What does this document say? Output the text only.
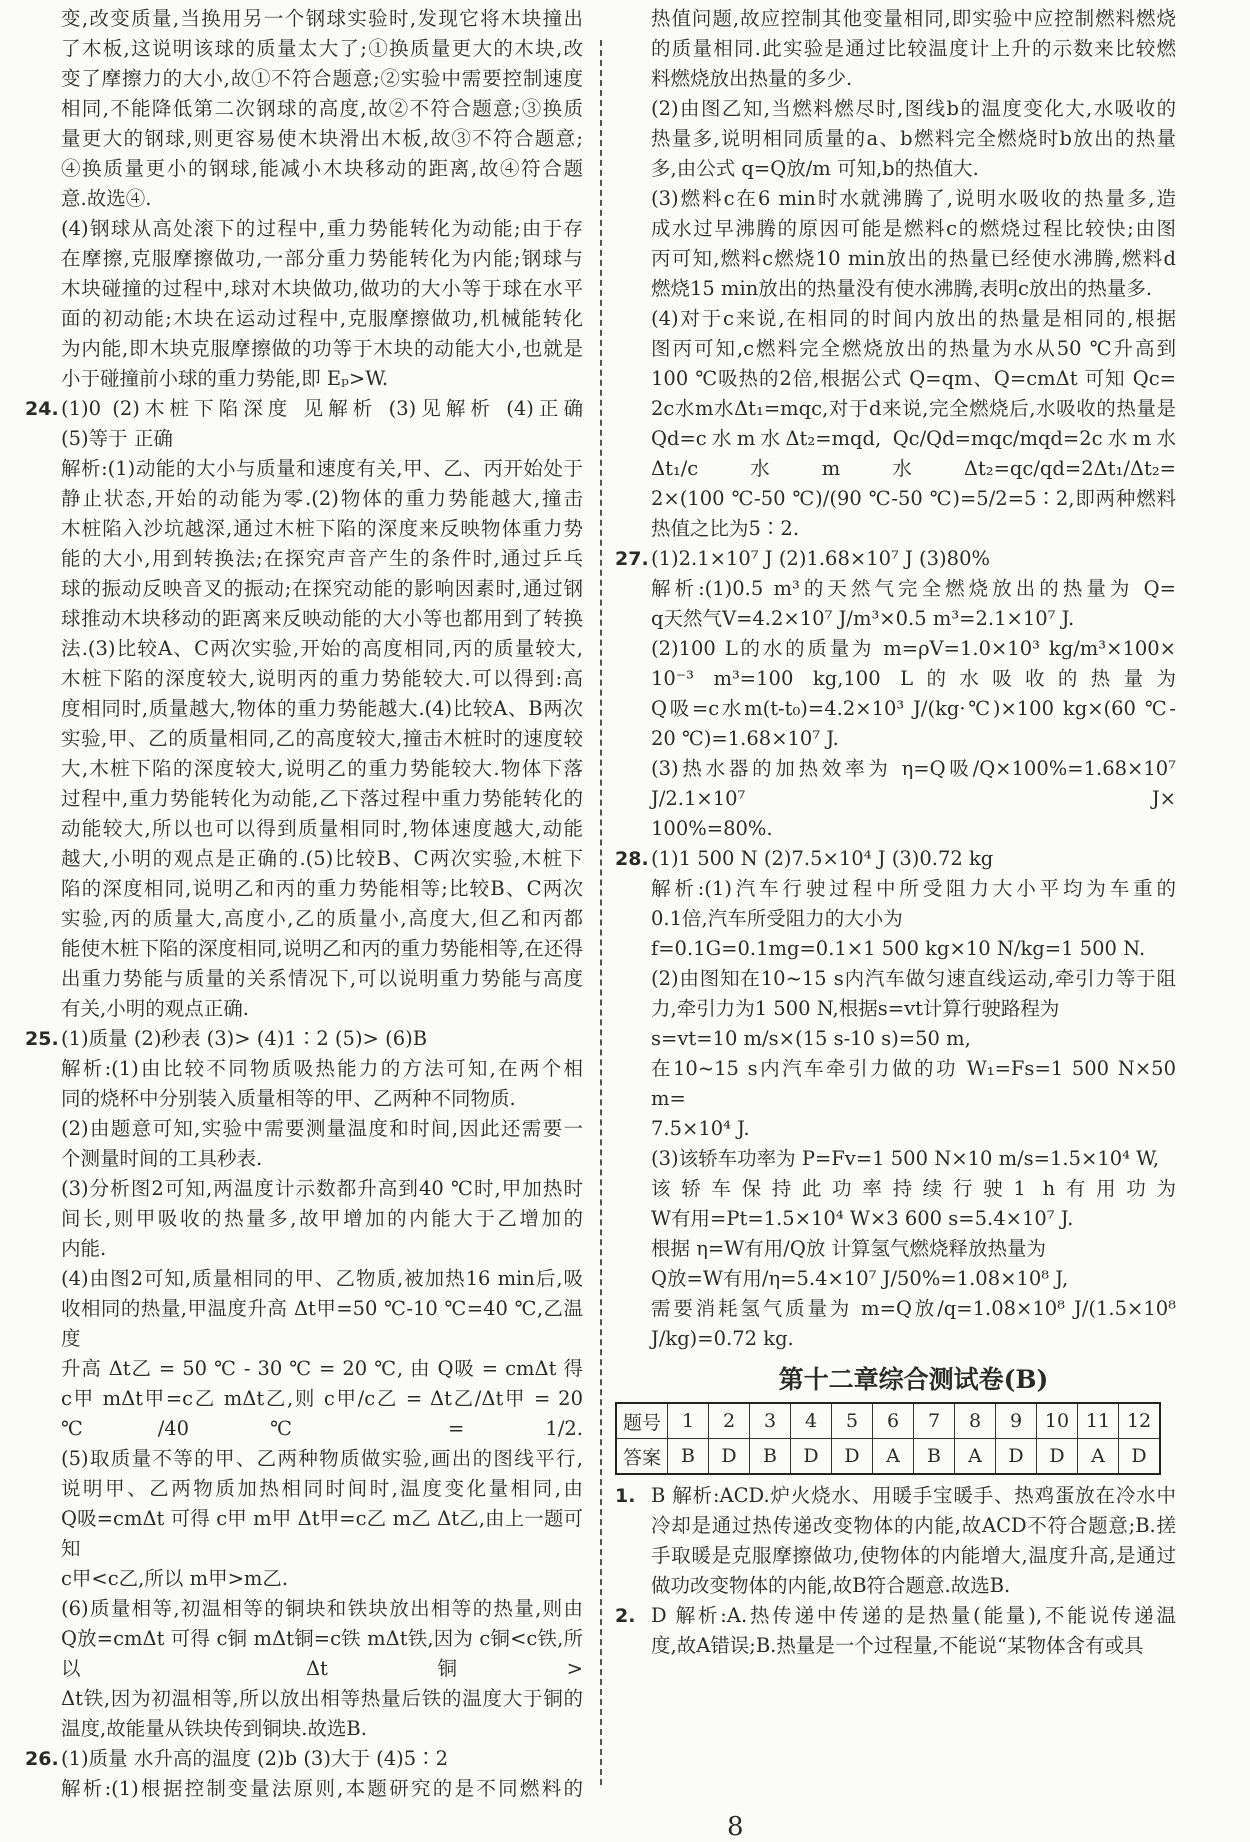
变,改变质量,当换用另一个钢球实验时,发现它将木块撞出
了木板,这说明该球的质量太大了;①换质量更大的木块,改
变了摩擦力的大小,故①不符合题意;②实验中需要控制速度
相同,不能降低第二次钢球的高度,故②不符合题意;③换质
量更大的钢球,则更容易使木块滑出木板,故③不符合题意;
④换质量更小的钢球,能减小木块移动的距离,故④符合题
意.故选④.
(4)钢球从高处滚下的过程中,重力势能转化为动能;由于存
在摩擦,克服摩擦做功,一部分重力势能转化为内能;钢球与
木块碰撞的过程中,球对木块做功,做功的大小等于球在水平
面的初动能;木块在运动过程中,克服摩擦做功,机械能转化
为内能,即木块克服摩擦做的功等于木块的动能大小,也就是
小于碰撞前小球的重力势能,即 Eₚ>W.
24. (1)0 (2)木桩下陷深度 见解析 (3)见解析 (4)正确
(5)等于 正确
解析:(1)动能的大小与质量和速度有关,甲、乙、丙开始处于
静止状态,开始的动能为零.(2)物体的重力势能越大,撞击
木桩陷入沙坑越深,通过木桩下陷的深度来反映物体重力势
能的大小,用到转换法;在探究声音产生的条件时,通过乒乓
球的振动反映音叉的振动;在探究动能的影响因素时,通过钢
球推动木块移动的距离来反映动能的大小等也都用到了转换
法.(3)比较A、C两次实验,开始的高度相同,丙的质量较大,
木桩下陷的深度较大,说明丙的重力势能较大.可以得到:高
度相同时,质量越大,物体的重力势能越大.(4)比较A、B两次
实验,甲、乙的质量相同,乙的高度较大,撞击木桩时的速度较
大,木桩下陷的深度较大,说明乙的重力势能较大.物体下落
过程中,重力势能转化为动能,乙下落过程中重力势能转化的
动能较大,所以也可以得到质量相同时,物体速度越大,动能
越大,小明的观点是正确的.(5)比较B、C两次实验,木桩下
陷的深度相同,说明乙和丙的重力势能相等;比较B、C两次
实验,丙的质量大,高度小,乙的质量小,高度大,但乙和丙都
能使木桩下陷的深度相同,说明乙和丙的重力势能相等,在还得
出重力势能与质量的关系情况下,可以说明重力势能与高度
有关,小明的观点正确.
25. (1)质量 (2)秒表 (3)> (4)1∶2 (5)> (6)B
解析:(1)由比较不同物质吸热能力的方法可知,在两个相
同的烧杯中分别装入质量相等的甲、乙两种不同物质.
(2)由题意可知,实验中需要测量温度和时间,因此还需要一
个测量时间的工具秒表.
(3)分析图2可知,两温度计示数都升高到40 ℃时,甲加热时
间长,则甲吸收的热量多,故甲增加的内能大于乙增加的
内能.
(4)由图2可知,质量相同的甲、乙物质,被加热16 min后,吸
收相同的热量,甲温度升高 Δt甲=50 ℃-10 ℃=40 ℃,乙温度
升高 Δt乙 = 50 ℃ - 30 ℃ = 20 ℃, 由 Q吸 = cmΔt 得
c甲 mΔt甲=c乙 mΔt乙,则 c甲/c乙 = Δt乙/Δt甲 = 20 ℃/40 ℃ = 1/2.
(5)取质量不等的甲、乙两种物质做实验,画出的图线平行,
说明甲、乙两物质加热相同时间时,温度变化量相同,由
Q吸=cmΔt 可得 c甲 m甲 Δt甲=c乙 m乙 Δt乙,由上一题可知
c甲<c乙,所以 m甲>m乙.
(6)质量相等,初温相等的铜块和铁块放出相等的热量,则由
Q放=cmΔt 可得 c铜 mΔt铜=c铁 mΔt铁,因为 c铜<c铁,所以 Δt铜>
Δt铁,因为初温相等,所以放出相等热量后铁的温度大于铜的
温度,故能量从铁块传到铜块.故选B.
26. (1)质量 水升高的温度 (2)b (3)大于 (4)5∶2
解析:(1)根据控制变量法原则,本题研究的是不同燃料的
热值问题,故应控制其他变量相同,即实验中应控制燃料燃烧
的质量相同.此实验是通过比较温度计上升的示数来比较燃
料燃烧放出热量的多少.
(2)由图乙知,当燃料燃尽时,图线b的温度变化大,水吸收的
热量多,说明相同质量的a、b燃料完全燃烧时b放出的热量
多,由公式 q=Q放/m 可知,b的热值大.
(3)燃料c在6 min时水就沸腾了,说明水吸收的热量多,造
成水过早沸腾的原因可能是燃料c的燃烧过程比较快;由图
丙可知,燃料c燃烧10 min放出的热量已经使水沸腾,燃料d
燃烧15 min放出的热量没有使水沸腾,表明c放出的热量多.
(4)对于c来说,在相同的时间内放出的热量是相同的,根据
图丙可知,c燃料完全燃烧放出的热量为水从50 ℃升高到
100 ℃吸热的2倍,根据公式 Q=qm、Q=cmΔt 可知 Qc=
2c水m水Δt₁=mqc,对于d来说,完全燃烧后,水吸收的热量是
Qd=c水m水Δt₂=mqd, Qc/Qd=mqc/mqd=2c水m水Δt₁/c水m水Δt₂=qc/qd=2Δt₁/Δt₂=
2×(100 ℃-50 ℃)/(90 ℃-50 ℃)=5/2=5∶2,即两种燃料热值之比为5∶2.
27. (1)2.1×10⁷ J (2)1.68×10⁷ J (3)80%
解析:(1)0.5 m³的天然气完全燃烧放出的热量为 Q=
q天然气V=4.2×10⁷ J/m³×0.5 m³=2.1×10⁷ J.
(2)100 L的水的质量为 m=ρV=1.0×10³ kg/m³×100×
10⁻³ m³=100 kg,100 L的水吸收的热量为
Q吸=c水m(t-t₀)=4.2×10³ J/(kg·℃)×100 kg×(60 ℃-
20 ℃)=1.68×10⁷ J.
(3)热水器的加热效率为 η=Q吸/Q×100%=1.68×10⁷ J/2.1×10⁷ J×
100%=80%.
28. (1)1 500 N (2)7.5×10⁴ J (3)0.72 kg
解析:(1)汽车行驶过程中所受阻力大小平均为车重的
0.1倍,汽车所受阻力的大小为
f=0.1G=0.1mg=0.1×1 500 kg×10 N/kg=1 500 N.
(2)由图知在10~15 s内汽车做匀速直线运动,牵引力等于阻
力,牵引力为1 500 N,根据s=vt计算行驶路程为
s=vt=10 m/s×(15 s-10 s)=50 m,
在10~15 s内汽车牵引力做的功 W₁=Fs=1 500 N×50 m=
7.5×10⁴ J.
(3)该轿车功率为 P=Fv=1 500 N×10 m/s=1.5×10⁴ W,
该轿车保持此功率持续行驶1 h有用功为
W有用=Pt=1.5×10⁴ W×3 600 s=5.4×10⁷ J.
根据 η=W有用/Q放 计算氢气燃烧释放热量为
Q放=W有用/η=5.4×10⁷ J/50%=1.08×10⁸ J,
需要消耗氢气质量为 m=Q放/q=1.08×10⁸ J/(1.5×10⁸ J/kg)=0.72 kg.
第十二章综合测试卷(B)
题号	1	2	3	4	5	6	7	8	9	10	11	12
答案	B	D	B	D	D	A	B	A	D	D	A	D
1. B 解析:ACD.炉火烧水、用暖手宝暖手、热鸡蛋放在冷水中
冷却是通过热传递改变物体的内能,故ACD不符合题意;B.搓
手取暖是克服摩擦做功,使物体的内能增大,温度升高,是通过
做功改变物体的内能,故B符合题意.故选B.
2. D 解析:A.热传递中传递的是热量(能量),不能说传递温
度,故A错误;B.热量是一个过程量,不能说“某物体含有或具
8
